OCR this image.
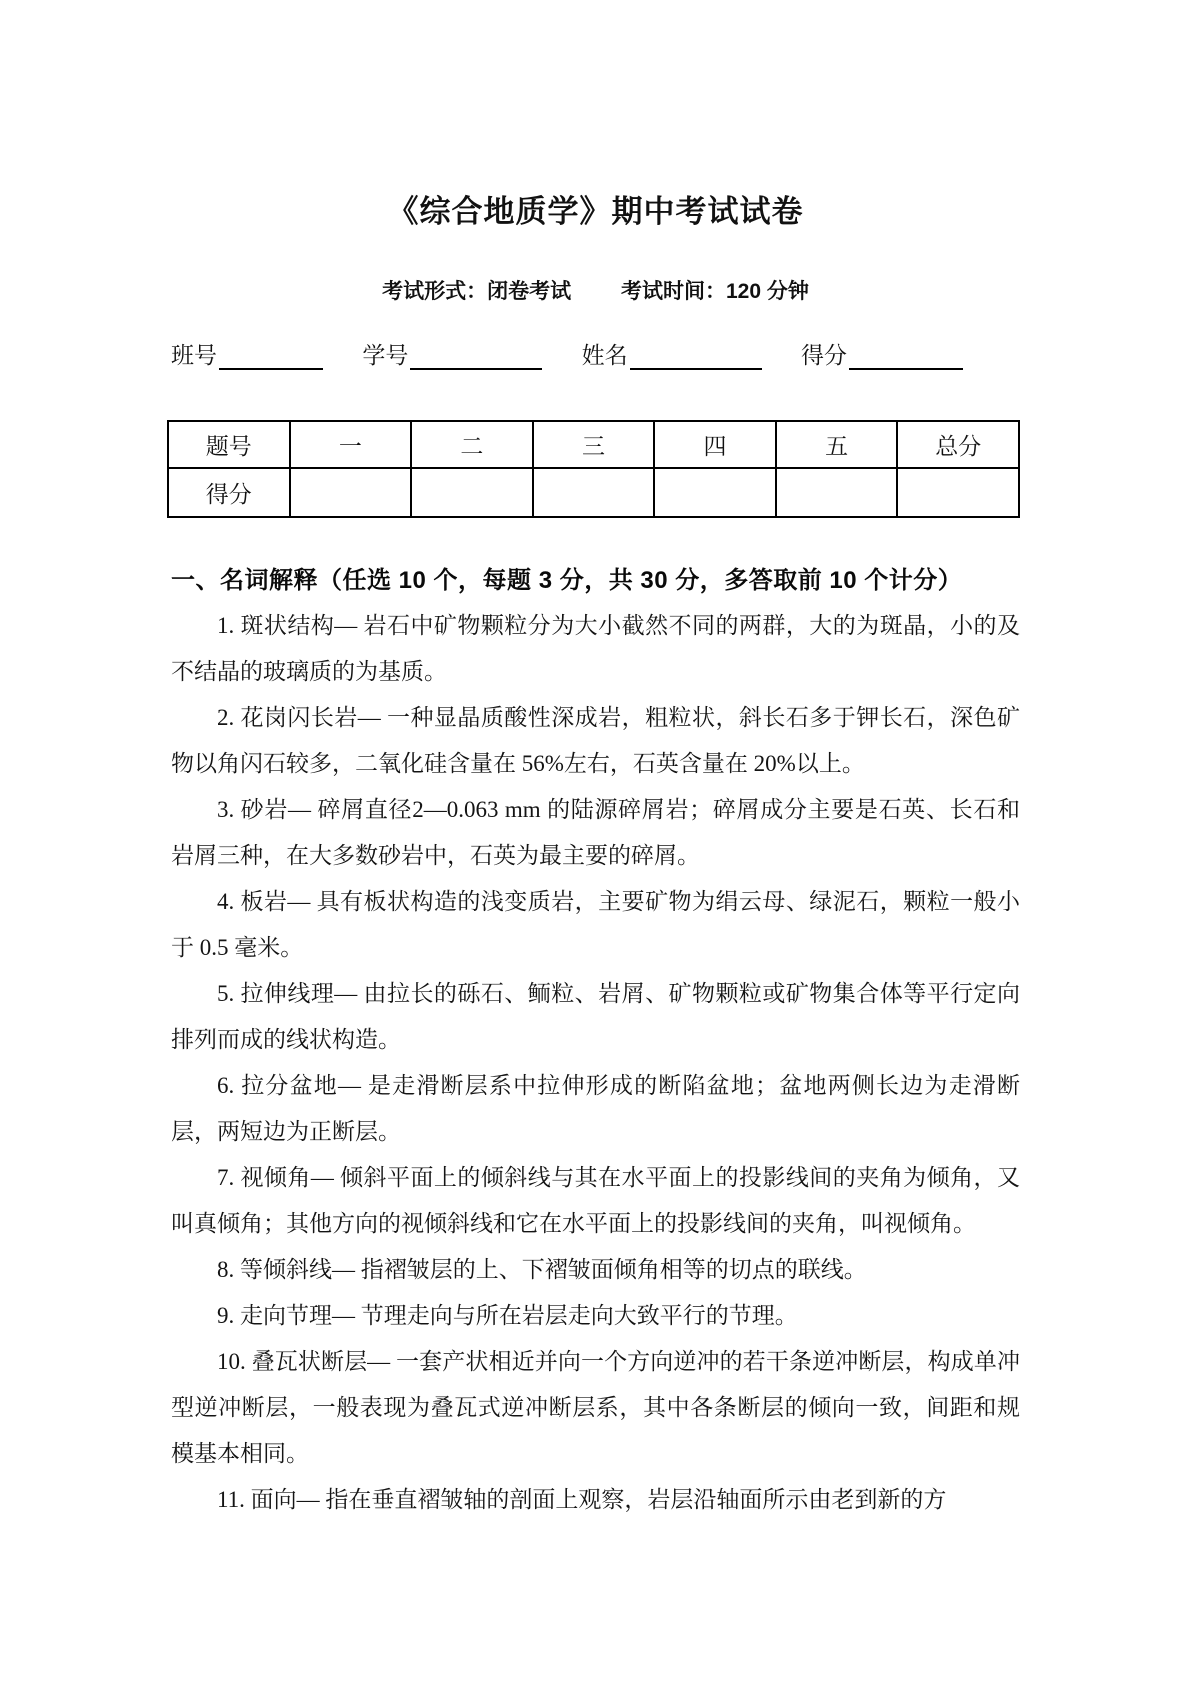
《综合地质学》期中考试试卷
考试形式：闭卷考试 考试时间：120 分钟
班号	学号	姓名	得分
题号	一	二	三	四	五	总分
得分						
一、名词解释（任选 10 个，每题 3 分，共 30 分，多答取前 10 个计分）

1. 斑状结构— 岩石中矿物颗粒分为大小截然不同的两群，大的为斑晶，小的及不结晶的玻璃质的为基质。

2. 花岗闪长岩— 一种显晶质酸性深成岩，粗粒状，斜长石多于钾长石，深色矿物以角闪石较多，二氧化硅含量在 56%左右，石英含量在 20%以上。

3. 砂岩— 碎屑直径2—0.063 mm 的陆源碎屑岩；碎屑成分主要是石英、长石和岩屑三种，在大多数砂岩中，石英为最主要的碎屑。

4. 板岩— 具有板状构造的浅变质岩，主要矿物为绢云母、绿泥石，颗粒一般小于 0.5 毫米。

5. 拉伸线理— 由拉长的砾石、鲕粒、岩屑、矿物颗粒或矿物集合体等平行定向排列而成的线状构造。

6. 拉分盆地— 是走滑断层系中拉伸形成的断陷盆地；盆地两侧长边为走滑断层，两短边为正断层。

7. 视倾角— 倾斜平面上的倾斜线与其在水平面上的投影线间的夹角为倾角，又叫真倾角；其他方向的视倾斜线和它在水平面上的投影线间的夹角，叫视倾角。

8. 等倾斜线— 指褶皱层的上、下褶皱面倾角相等的切点的联线。

9. 走向节理— 节理走向与所在岩层走向大致平行的节理。

10. 叠瓦状断层— 一套产状相近并向一个方向逆冲的若干条逆冲断层，构成单冲型逆冲断层，一般表现为叠瓦式逆冲断层系，其中各条断层的倾向一致，间距和规模基本相同。

11. 面向— 指在垂直褶皱轴的剖面上观察，岩层沿轴面所示由老到新的方
